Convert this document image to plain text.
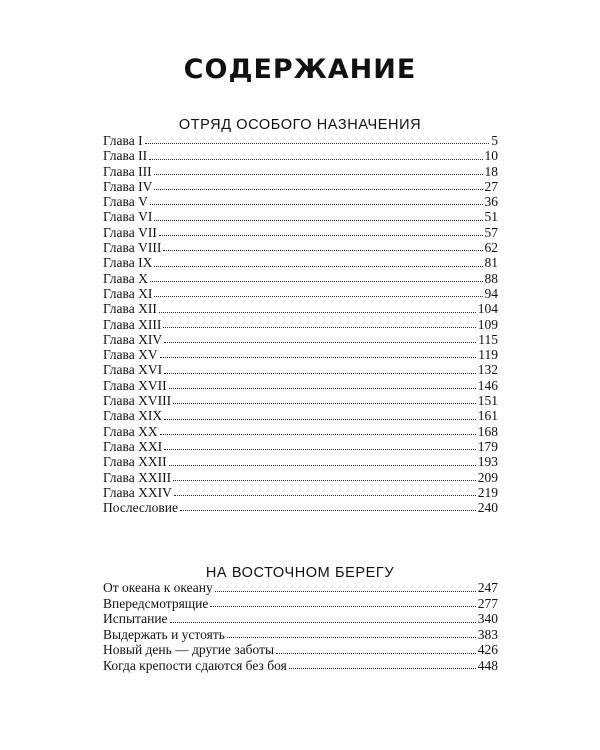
СОДЕРЖАНИЕ
ОТРЯД ОСОБОГО НАЗНАЧЕНИЯ
Глава I	5
Глава II	10
Глава III	18
Глава IV	27
Глава V	36
Глава VI	51
Глава VII	57
Глава VIII	62
Глава IX	81
Глава X	88
Глава XI	94
Глава XII	104
Глава XIII	109
Глава XIV	115
Глава XV	119
Глава XVI	132
Глава XVII	146
Глава XVIII	151
Глава XIX	161
Глава XX	168
Глава XXI	179
Глава XXII	193
Глава XXIII	209
Глава XXIV	219
Послесловие	240
НА ВОСТОЧНОМ БЕРЕГУ
От океана к океану	247
Впередсмотрящие	277
Испытание	340
Выдержать и устоять	383
Новый день — другие заботы	426
Когда крепости сдаются без боя	448
